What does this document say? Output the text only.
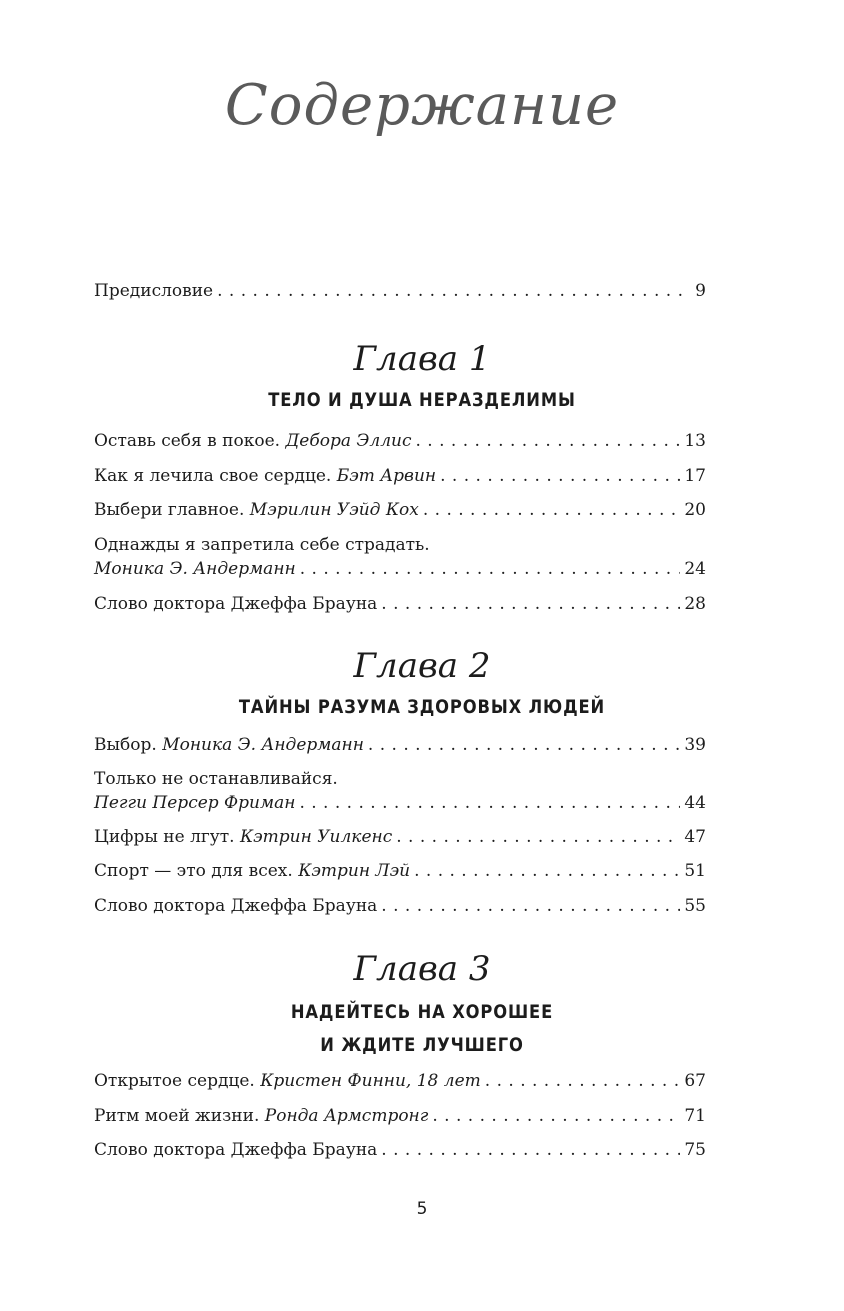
Содержание
Предисловие . . .	9
Глава 1
ТЕЛО И ДУША НЕРАЗДЕЛИМЫ
Оставь себя в покое. Дебора Эллис . . .	13
Как я лечила свое сердце. Бэт Арвин . . .	17
Выбери главное. Мэрилин Уэйд Кох . . .	20
Однажды я запретила себе страдать.
Моника Э. Андерманн . . .	24
Слово доктора Джеффа Брауна . . .	28
Глава 2
ТАЙНЫ РАЗУМА ЗДОРОВЫХ ЛЮДЕЙ
Выбор. Моника Э. Андерманн . . .	39
Только не останавливайся.
Пегги Персер Фриман . . .	44
Цифры не лгут. Кэтрин Уилкенс . . .	47
Спорт — это для всех. Кэтрин Лэй . . .	51
Слово доктора Джеффа Брауна . . .	55
Глава 3
НАДЕЙТЕСЬ НА ХОРОШЕЕ
И ЖДИТЕ ЛУЧШЕГО
Открытое сердце. Кристен Финни, 18 лет . . .	67
Ритм моей жизни. Ронда Армстронг . . .	71
Слово доктора Джеффа Брауна . . .	75
5
